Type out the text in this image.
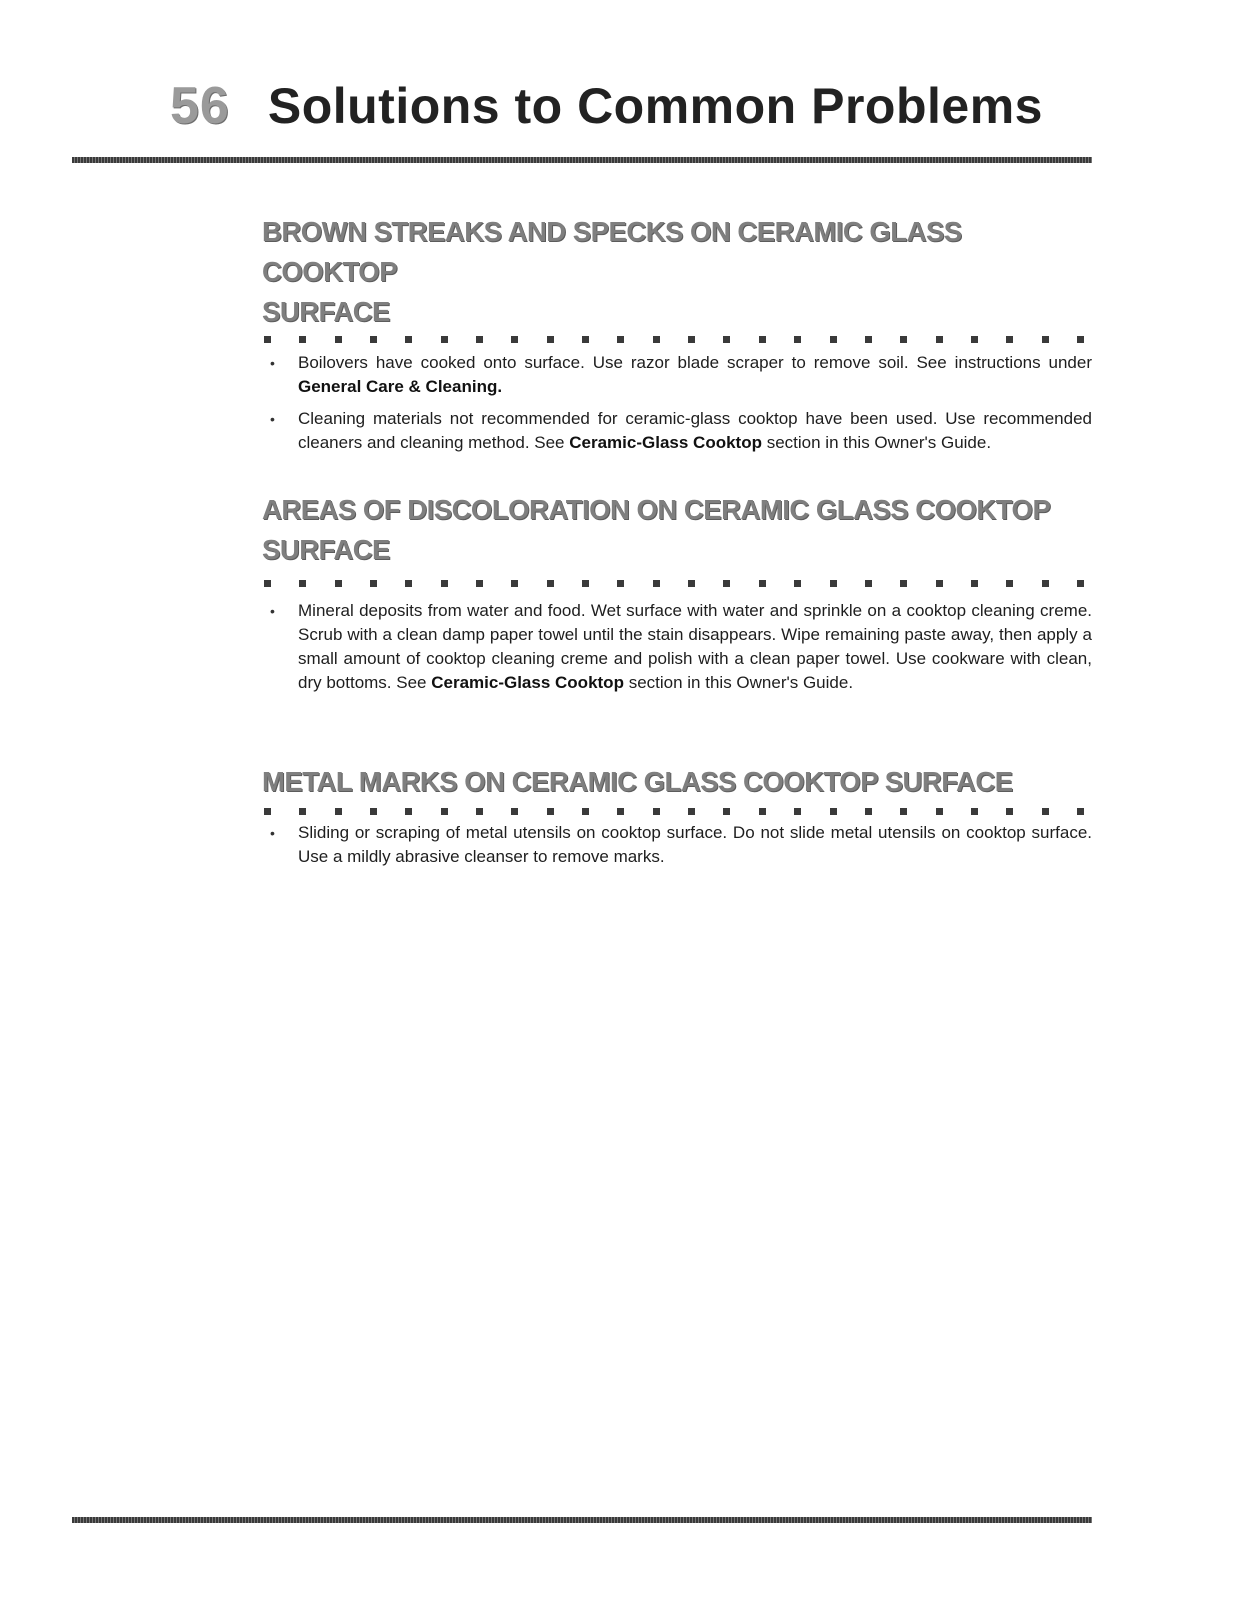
56 Solutions to Common Problems
BROWN STREAKS AND SPECKS ON CERAMIC GLASS COOKTOP
SURFACE
• Boilovers have cooked onto surface. Use razor blade scraper to remove soil. See instructions under General Care & Cleaning.
• Cleaning materials not recommended for ceramic-glass cooktop have been used. Use recommended cleaners and cleaning method. See Ceramic-Glass Cooktop section in this Owner's Guide.
AREAS OF DISCOLORATION ON CERAMIC GLASS COOKTOP
SURFACE
• Mineral deposits from water and food. Wet surface with water and sprinkle on a cooktop cleaning creme. Scrub with a clean damp paper towel until the stain disappears. Wipe remaining paste away, then apply a small amount of cooktop cleaning creme and polish with a clean paper towel. Use cookware with clean, dry bottoms. See Ceramic-Glass Cooktop section in this Owner's Guide.
METAL MARKS ON CERAMIC GLASS COOKTOP SURFACE
• Sliding or scraping of metal utensils on cooktop surface. Do not slide metal utensils on cooktop surface. Use a mildly abrasive cleanser to remove marks.
